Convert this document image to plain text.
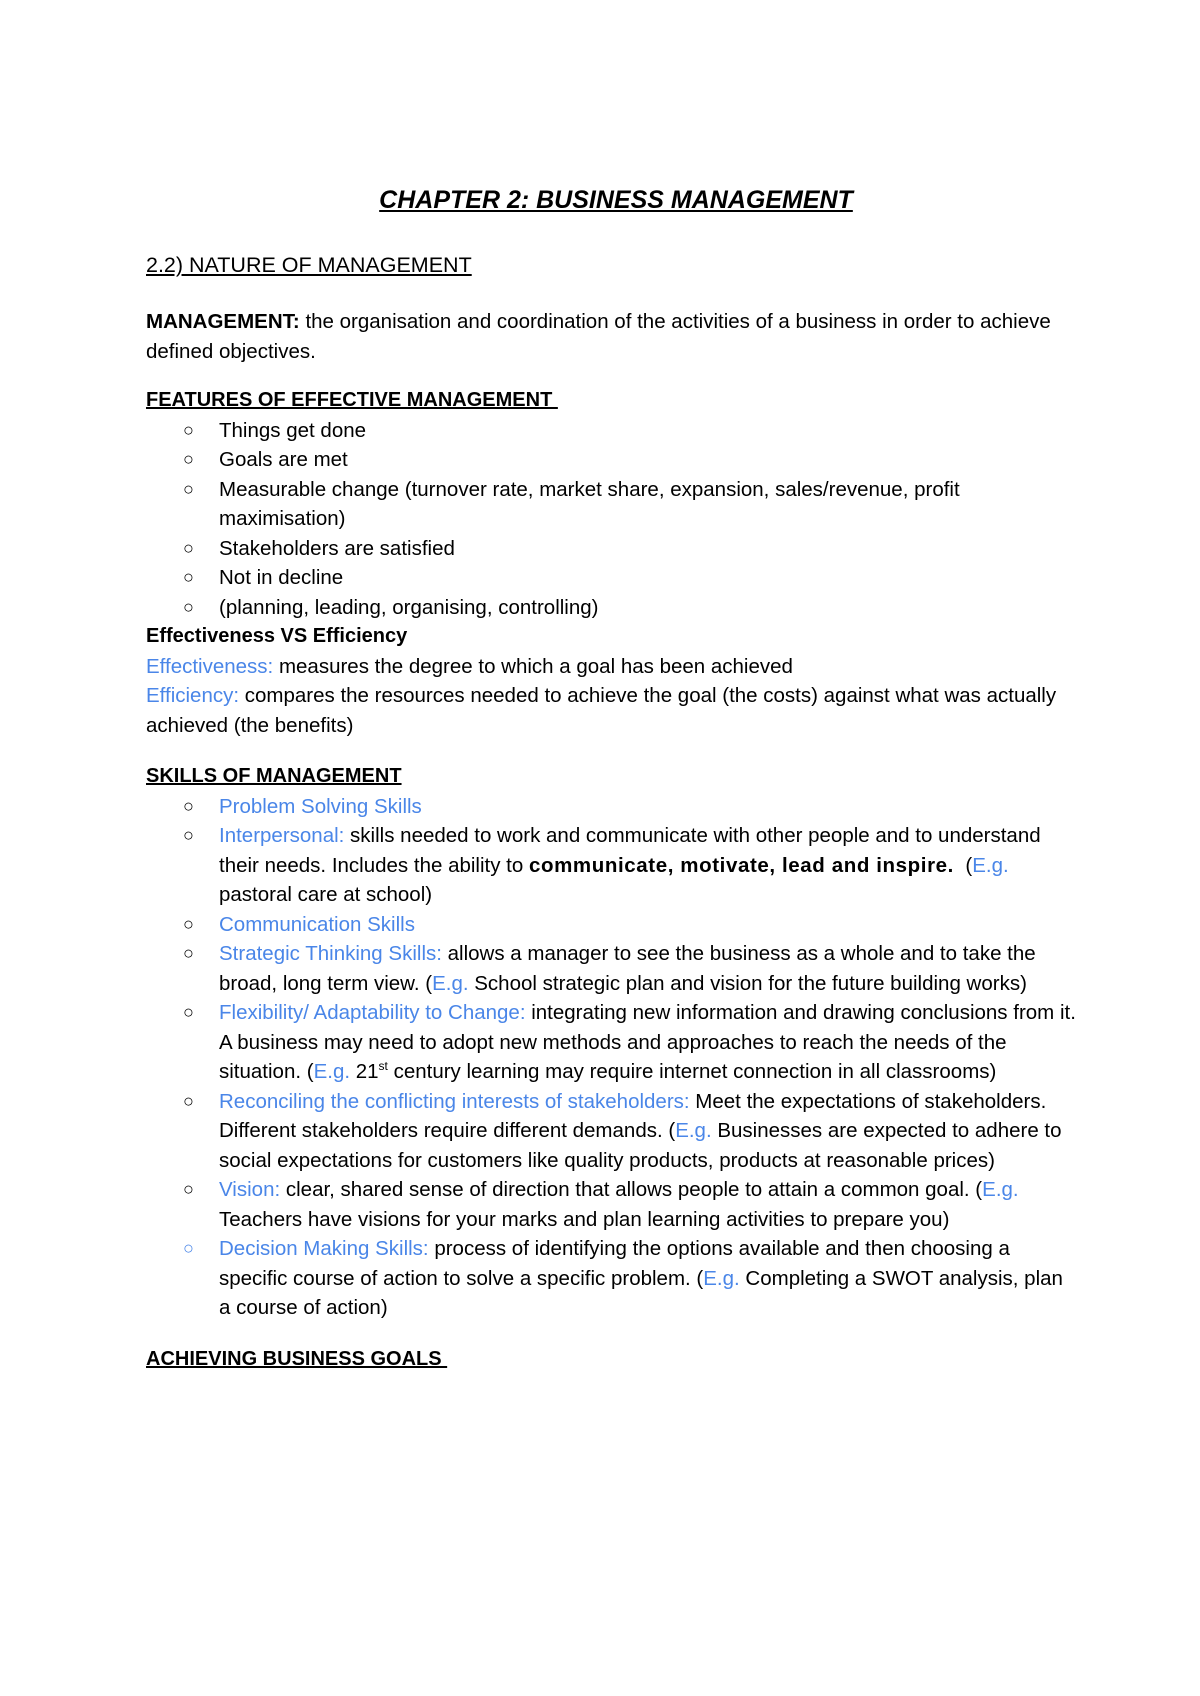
CHAPTER 2: BUSINESS MANAGEMENT
2.2) NATURE OF MANAGEMENT

MANAGEMENT: the organisation and coordination of the activities of a business in order to achieve defined objectives.

FEATURES OF EFFECTIVE MANAGEMENT
○ Things get done
○ Goals are met
○ Measurable change (turnover rate, market share, expansion, sales/revenue, profit maximisation)
○ Stakeholders are satisfied
○ Not in decline
○ (planning, leading, organising, controlling)
Effectiveness VS Efficiency

Effectiveness: measures the degree to which a goal has been achieved

Efficiency: compares the resources needed to achieve the goal (the costs) against what was actually achieved (the benefits)

SKILLS OF MANAGEMENT
○ Problem Solving Skills
○ Interpersonal: skills needed to work and communicate with other people and to understand their needs. Includes the ability to communicate, motivate, lead and inspire.  (E.g. pastoral care at school)
○ Communication Skills
○ Strategic Thinking Skills: allows a manager to see the business as a whole and to take the broad, long term view. (E.g. School strategic plan and vision for the future building works)
○ Flexibility/ Adaptability to Change: integrating new information and drawing conclusions from it. A business may need to adopt new methods and approaches to reach the needs of the situation. (E.g. 21st century learning may require internet connection in all classrooms)
○ Reconciling the conflicting interests of stakeholders: Meet the expectations of stakeholders. Different stakeholders require different demands. (E.g. Businesses are expected to adhere to social expectations for customers like quality products, products at reasonable prices)
○ Vision: clear, shared sense of direction that allows people to attain a common goal. (E.g. Teachers have visions for your marks and plan learning activities to prepare you)
○ Decision Making Skills: process of identifying the options available and then choosing a specific course of action to solve a specific problem. (E.g. Completing a SWOT analysis, plan a course of action)
ACHIEVING BUSINESS GOALS
